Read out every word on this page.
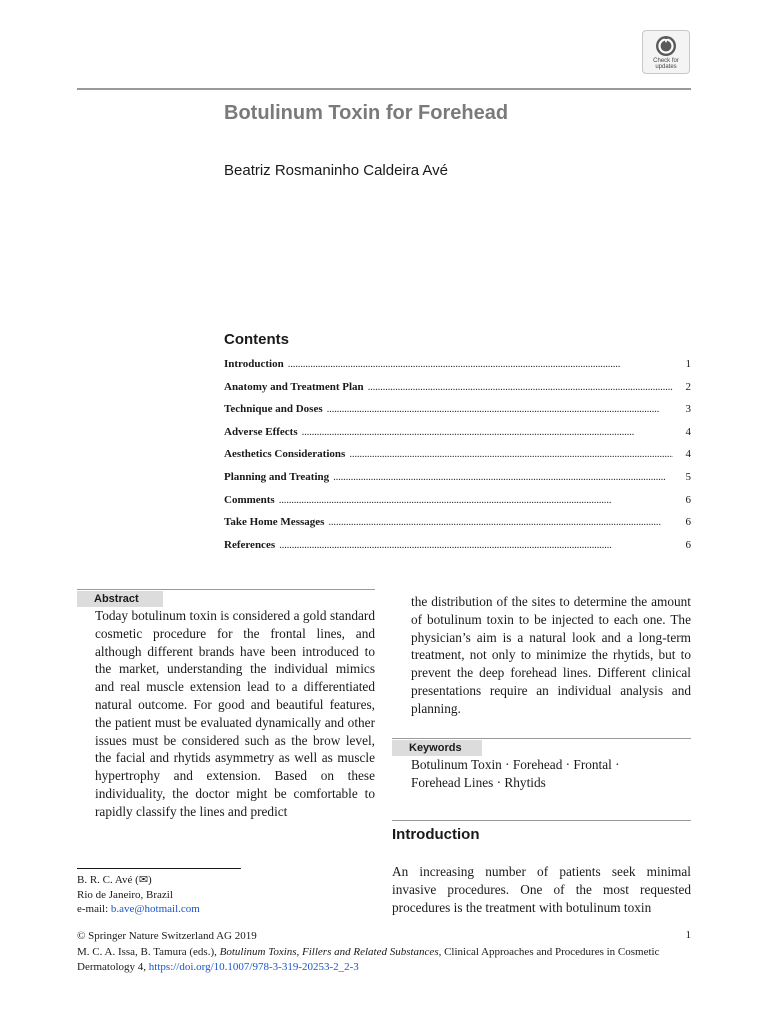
Check for updates
Botulinum Toxin for Forehead
Beatriz Rosmaninho Caldeira Avé
Contents
Introduction . . .	1
Anatomy and Treatment Plan . . .	2
Technique and Doses . . .	3
Adverse Effects . . .	4
Aesthetics Considerations . . .	4
Planning and Treating . . .	5
Comments . . .	6
Take Home Messages . . .	6
References . . .	6
Abstract
Today botulinum toxin is considered a gold standard cosmetic procedure for the frontal lines, and although different brands have been introduced to the market, understanding the individual mimics and real muscle extension lead to a differentiated natural outcome. For good and beautiful features, the patient must be evaluated dynamically and other issues must be considered such as the brow level, the facial and rhytids asymmetry as well as muscle hypertrophy and extension. Based on these individuality, the doctor might be comfortable to rapidly classify the lines and predict
the distribution of the sites to determine the amount of botulinum toxin to be injected to each one. The physician’s aim is a natural look and a long-term treatment, not only to minimize the rhytids, but to prevent the deep forehead lines. Different clinical presentations require an individual analysis and planning.
Keywords
Botulinum Toxin · Forehead · Frontal · Forehead Lines · Rhytids
Introduction
An increasing number of patients seek minimal invasive procedures. One of the most requested procedures is the treatment with botulinum toxin
B. R. C. Avé (✉)
Rio de Janeiro, Brazil
e-mail: b.ave@hotmail.com
© Springer Nature Switzerland AG 2019
M. C. A. Issa, B. Tamura (eds.), Botulinum Toxins, Fillers and Related Substances, Clinical Approaches and Procedures in Cosmetic Dermatology 4, https://doi.org/10.1007/978-3-319-20253-2_2-3
1
